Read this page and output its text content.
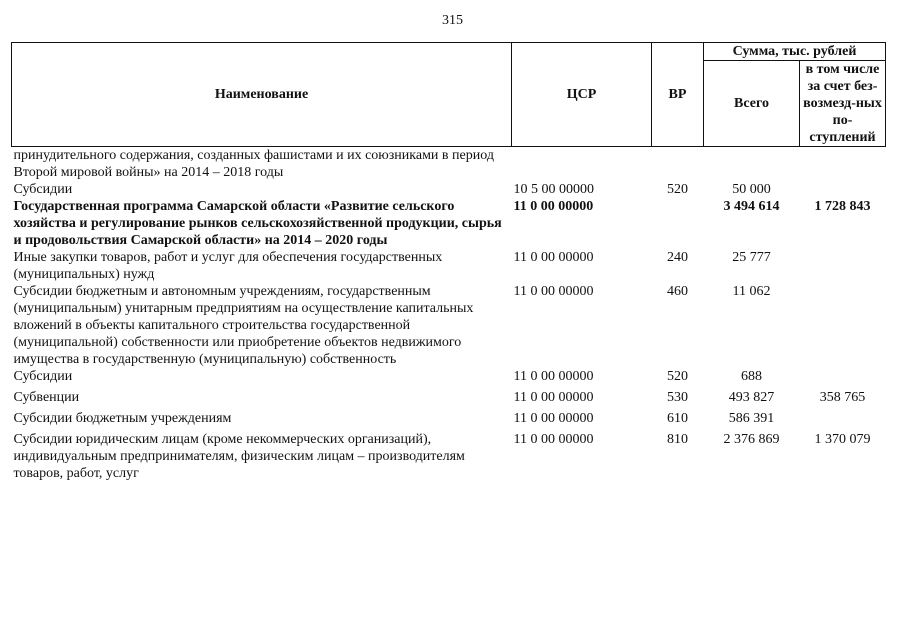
315
Наименование	ЦСР	ВР	Сумма, тыс. рублей	
			Всего	в том числе за счет без-возмезд-ных по-ступлений
принудительного содержания, созданных фашистами и их союзниками в период Второй мировой войны» на 2014 – 2018 годы				
Субсидии	10 5 00 00000	520	50 000	
Государственная программа Самарской области «Развитие сельского хозяйства и регулирование рынков сельскохозяйственной продукции, сырья и продовольствия Самарской области» на 2014 – 2020 годы	11 0 00 00000		3 494 614	1 728 843
Иные закупки товаров, работ и услуг для обеспечения государственных (муниципальных) нужд	11 0 00 00000	240	25 777	
Субсидии бюджетным и автономным учреждениям, государственным (муниципальным) унитарным предприятиям на осуществление капитальных вложений в объекты капитального строительства государственной (муниципальной) собственности или приобретение объектов недвижимого имущества в государственную (муниципальную) собственность	11 0 00 00000	460	11 062	
Субсидии	11 0 00 00000	520	688	
Субвенции	11 0 00 00000	530	493 827	358 765
Субсидии бюджетным учреждениям	11 0 00 00000	610	586 391	
Субсидии юридическим лицам (кроме некоммерческих организаций), индивидуальным предпринимателям, физическим лицам – производителям товаров, работ, услуг	11 0 00 00000	810	2 376 869	1 370 079
